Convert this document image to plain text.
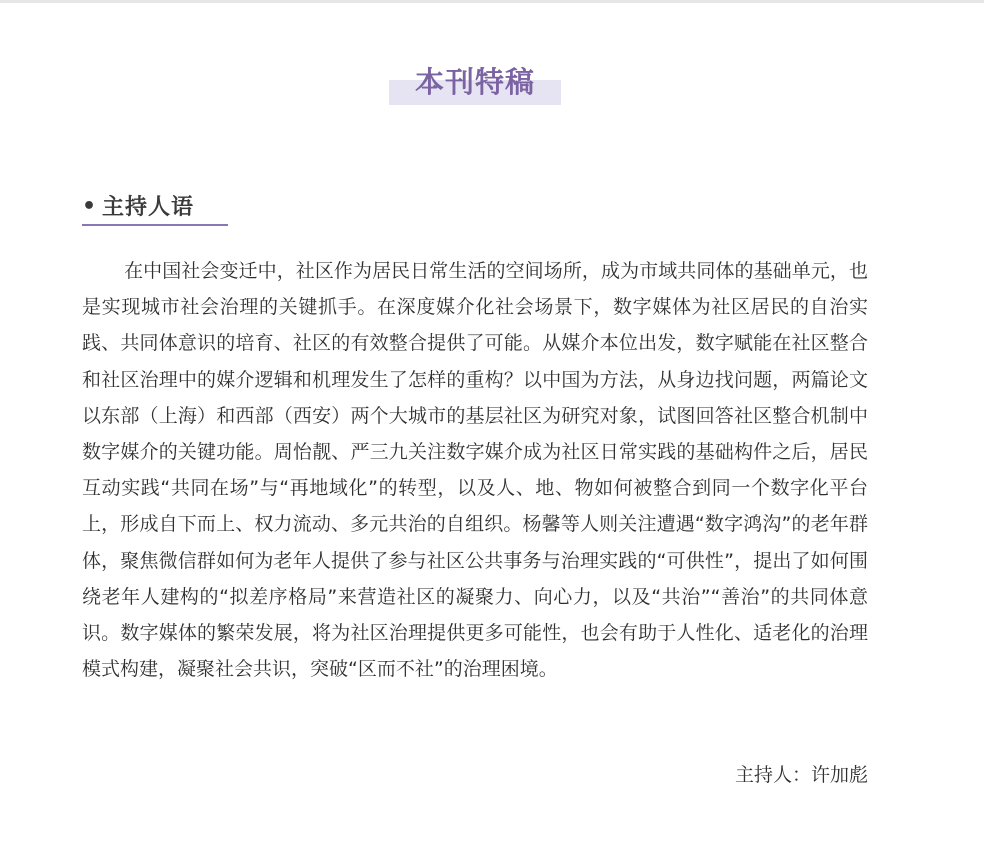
本刊特稿
• 主持人语

在中国社会变迁中，社区作为居民日常生活的空间场所，成为市域共同体的基础单元，也是实现城市社会治理的关键抓手。在深度媒介化社会场景下，数字媒体为社区居民的自治实践、共同体意识的培育、社区的有效整合提供了可能。从媒介本位出发，数字赋能在社区整合和社区治理中的媒介逻辑和机理发生了怎样的重构？以中国为方法，从身边找问题，两篇论文以东部（上海）和西部（西安）两个大城市的基层社区为研究对象，试图回答社区整合机制中数字媒介的关键功能。周怡靓、严三九关注数字媒介成为社区日常实践的基础构件之后，居民互动实践“共同在场”与“再地域化”的转型，以及人、地、物如何被整合到同一个数字化平台上，形成自下而上、权力流动、多元共治的自组织。杨馨等人则关注遭遇“数字鸿沟”的老年群体，聚焦微信群如何为老年人提供了参与社区公共事务与治理实践的“可供性”，提出了如何围绕老年人建构的“拟差序格局”来营造社区的凝聚力、向心力，以及“共治”“善治”的共同体意识。数字媒体的繁荣发展，将为社区治理提供更多可能性，也会有助于人性化、适老化的治理模式构建，凝聚社会共识，突破“区而不社”的治理困境。

主持人：许加彪
